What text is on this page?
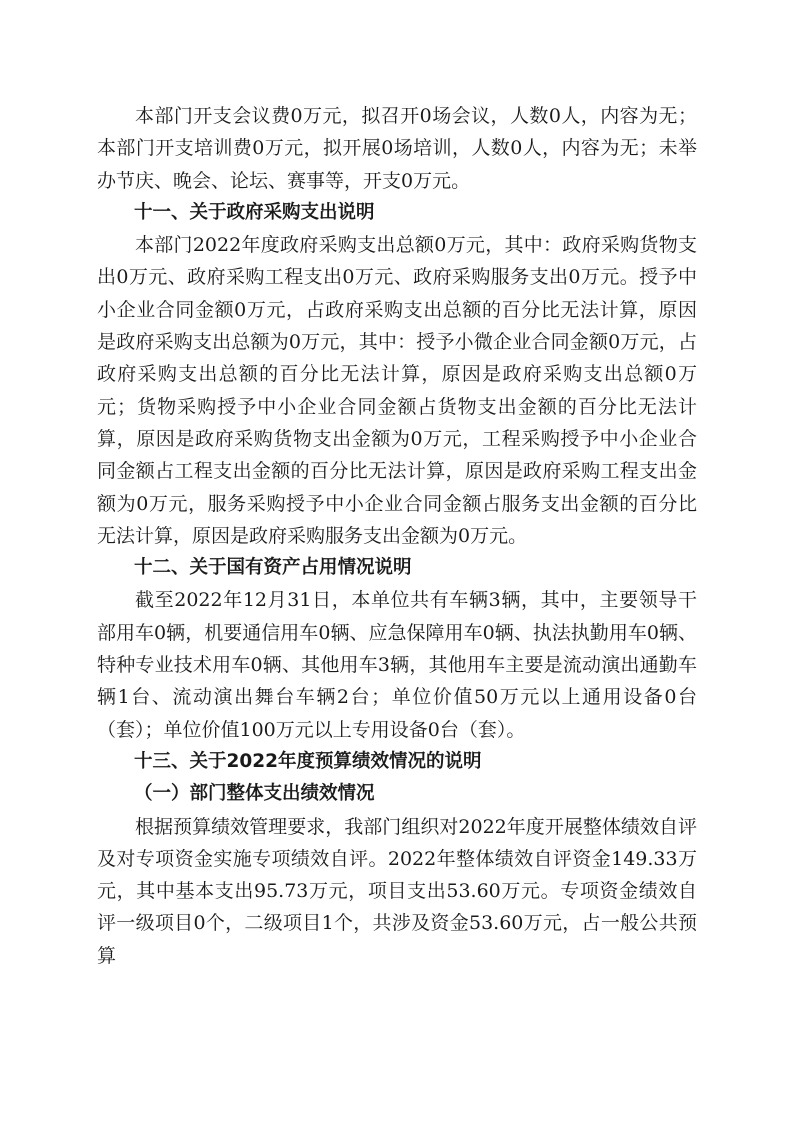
本部门开支会议费0万元，拟召开0场会议，人数0人，内容为无；本部门开支培训费0万元，拟开展0场培训，人数0人，内容为无；未举办节庆、晚会、论坛、赛事等，开支0万元。

十一、关于政府采购支出说明

本部门2022年度政府采购支出总额0万元，其中：政府采购货物支出0万元、政府采购工程支出0万元、政府采购服务支出0万元。授予中小企业合同金额0万元，占政府采购支出总额的百分比无法计算，原因是政府采购支出总额为0万元，其中：授予小微企业合同金额0万元，占政府采购支出总额的百分比无法计算，原因是政府采购支出总额0万元；货物采购授予中小企业合同金额占货物支出金额的百分比无法计算，原因是政府采购货物支出金额为0万元，工程采购授予中小企业合同金额占工程支出金额的百分比无法计算，原因是政府采购工程支出金额为0万元，服务采购授予中小企业合同金额占服务支出金额的百分比无法计算，原因是政府采购服务支出金额为0万元。

十二、关于国有资产占用情况说明

截至2022年12月31日，本单位共有车辆3辆，其中，主要领导干部用车0辆，机要通信用车0辆、应急保障用车0辆、执法执勤用车0辆、特种专业技术用车0辆、其他用车3辆，其他用车主要是流动演出通勤车辆1台、流动演出舞台车辆2台；单位价值50万元以上通用设备0台（套）；单位价值100万元以上专用设备0台（套）。

十三、关于2022年度预算绩效情况的说明

（一）部门整体支出绩效情况

根据预算绩效管理要求，我部门组织对2022年度开展整体绩效自评及对专项资金实施专项绩效自评。2022年整体绩效自评资金149.33万元，其中基本支出95.73万元，项目支出53.60万元。专项资金绩效自评一级项目0个，二级项目1个，共涉及资金53.60万元，占一般公共预算
